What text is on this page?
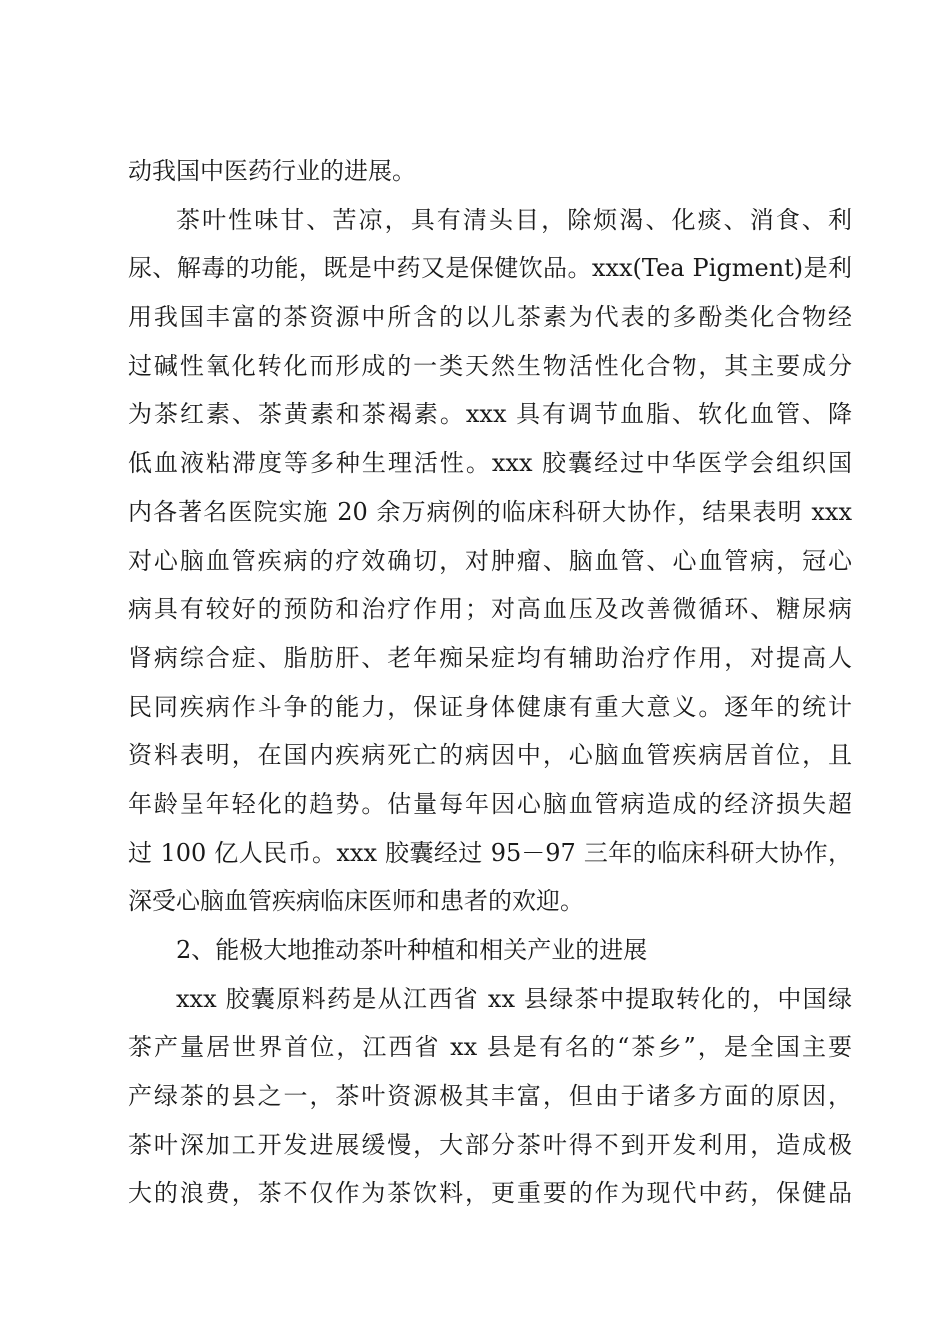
动我国中医药行业的进展。
茶叶性味甘、苦凉，具有清头目，除烦渴、化痰、消食、利
尿、解毒的功能，既是中药又是保健饮品。xxx(Tea Pigment)是利
用我国丰富的茶资源中所含的以儿茶素为代表的多酚类化合物经
过碱性氧化转化而形成的一类天然生物活性化合物，其主要成分
为茶红素、茶黄素和茶褐素。xxx 具有调节血脂、软化血管、降
低血液粘滞度等多种生理活性。xxx 胶囊经过中华医学会组织国
内各著名医院实施 20 余万病例的临床科研大协作，结果表明 xxx
对心脑血管疾病的疗效确切，对肿瘤、脑血管、心血管病，冠心
病具有较好的预防和治疗作用；对高血压及改善微循环、糖尿病
肾病综合症、脂肪肝、老年痴呆症均有辅助治疗作用，对提高人
民同疾病作斗争的能力，保证身体健康有重大意义。逐年的统计
资料表明，在国内疾病死亡的病因中，心脑血管疾病居首位，且
年龄呈年轻化的趋势。估量每年因心脑血管病造成的经济损失超
过 100 亿人民币。xxx 胶囊经过 95－97 三年的临床科研大协作，
深受心脑血管疾病临床医师和患者的欢迎。
2、能极大地推动茶叶种植和相关产业的进展
xxx 胶囊原料药是从江西省 xx 县绿茶中提取转化的，中国绿
茶产量居世界首位，江西省 xx 县是有名的“茶乡”，是全国主要
产绿茶的县之一，茶叶资源极其丰富，但由于诸多方面的原因，
茶叶深加工开发进展缓慢，大部分茶叶得不到开发利用，造成极
大的浪费，茶不仅作为茶饮料，更重要的作为现代中药，保健品
